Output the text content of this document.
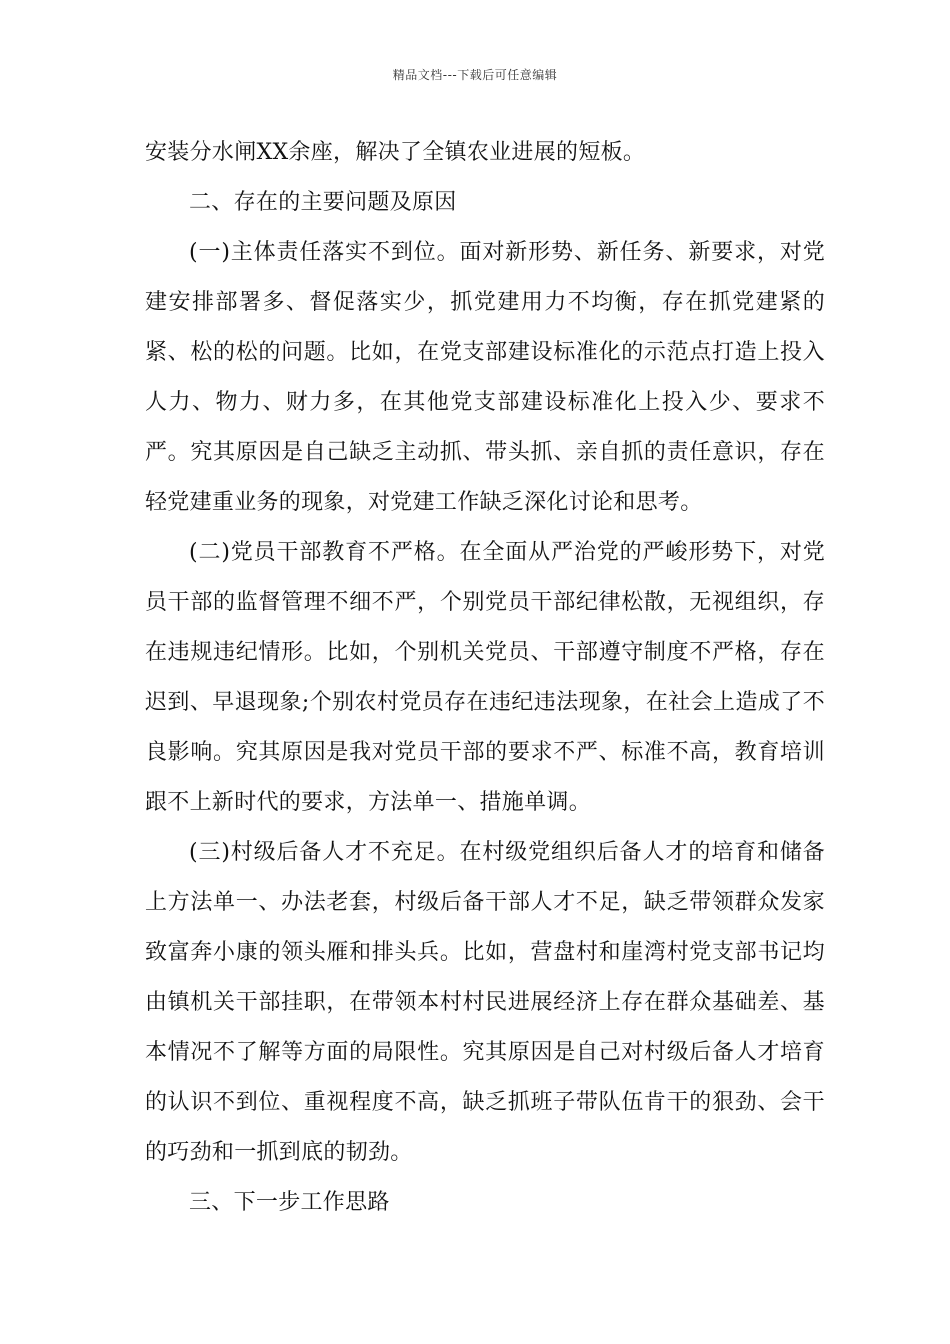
精品文档---下载后可任意编辑

安装分水闸XX余座，解决了全镇农业进展的短板。

二、存在的主要问题及原因

(一)主体责任落实不到位。面对新形势、新任务、新要求，对党建安排部署多、督促落实少，抓党建用力不均衡，存在抓党建紧的紧、松的松的问题。比如，在党支部建设标准化的示范点打造上投入人力、物力、财力多，在其他党支部建设标准化上投入少、要求不严。究其原因是自己缺乏主动抓、带头抓、亲自抓的责任意识，存在轻党建重业务的现象，对党建工作缺乏深化讨论和思考。

(二)党员干部教育不严格。在全面从严治党的严峻形势下，对党员干部的监督管理不细不严，个别党员干部纪律松散，无视组织，存在违规违纪情形。比如，个别机关党员、干部遵守制度不严格，存在迟到、早退现象;个别农村党员存在违纪违法现象，在社会上造成了不良影响。究其原因是我对党员干部的要求不严、标准不高，教育培训跟不上新时代的要求，方法单一、措施单调。

(三)村级后备人才不充足。在村级党组织后备人才的培育和储备上方法单一、办法老套，村级后备干部人才不足，缺乏带领群众发家致富奔小康的领头雁和排头兵。比如，营盘村和崖湾村党支部书记均由镇机关干部挂职，在带领本村村民进展经济上存在群众基础差、基本情况不了解等方面的局限性。究其原因是自己对村级后备人才培育的认识不到位、重视程度不高，缺乏抓班子带队伍肯干的狠劲、会干的巧劲和一抓到底的韧劲。

三、下一步工作思路
